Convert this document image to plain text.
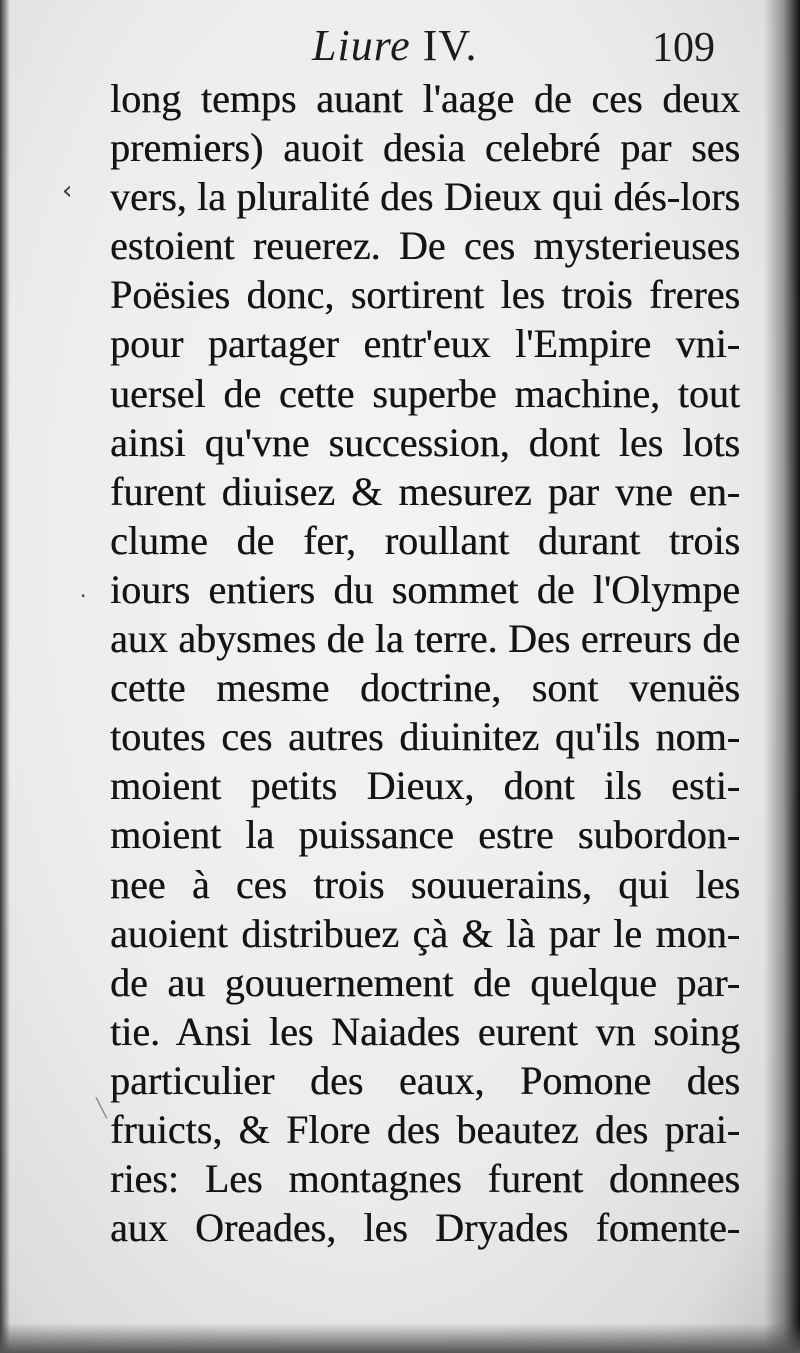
Liure IV.	109
long temps auant l'aage de ces deux
premiers) auoit desia celebré par ses
vers, la pluralité des Dieux qui dés-lors
estoient reuerez. De ces mysterieuses
Poësies donc, sortirent les trois freres
pour partager entr'eux l'Empire vni-
uersel de cette superbe machine, tout
ainsi qu'vne succession, dont les lots
furent diuisez & mesurez par vne en-
clume de fer, roullant durant trois
iours entiers du sommet de l'Olympe
aux abysmes de la terre. Des erreurs de
cette mesme doctrine, sont venuës
toutes ces autres diuinitez qu'ils nom-
moient petits Dieux, dont ils esti-
moient la puissance estre subordon-
nee à ces trois souuerains, qui les
auoient distribuez çà & là par le mon-
de au gouuernement de quelque par-
tie. Ansi les Naiades eurent vn soing
particulier des eaux, Pomone des
fruicts, & Flore des beautez des prai-
ries: Les montagnes furent donnees
aux Oreades, les Dryades fomente-
‹
·
╲
